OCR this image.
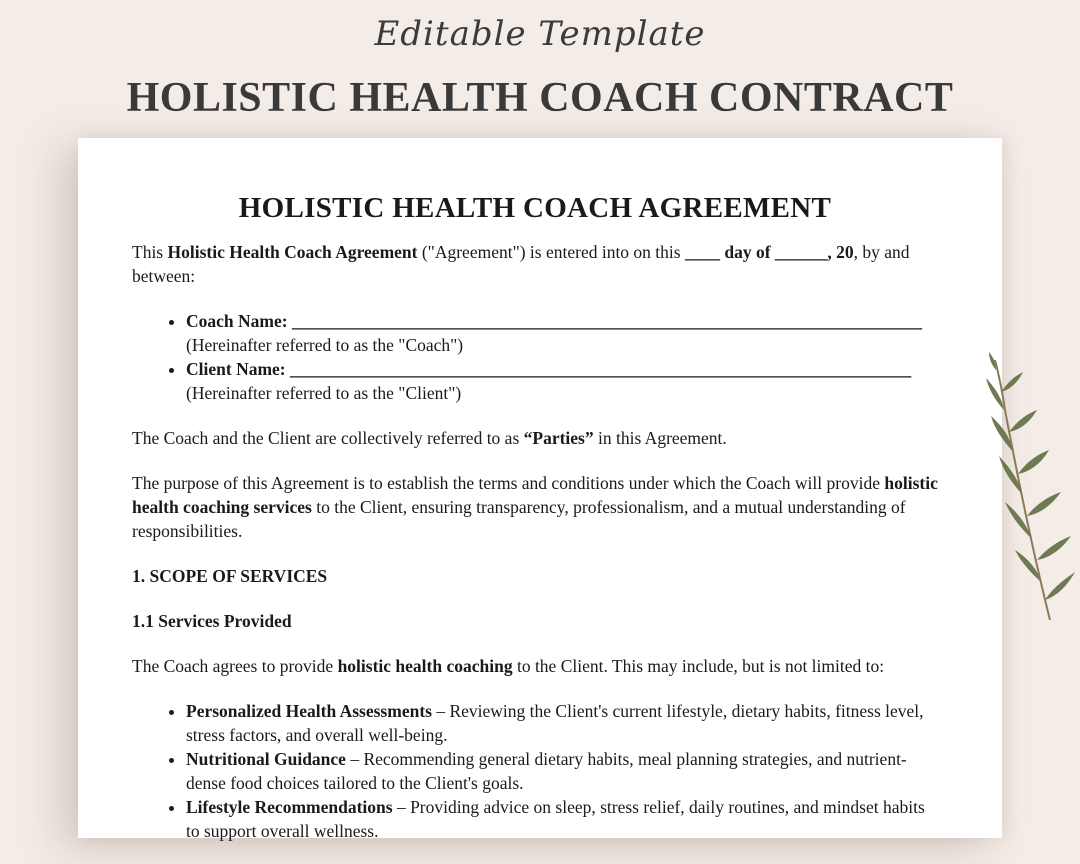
Editable Template
HOLISTIC HEALTH COACH CONTRACT
HOLISTIC HEALTH COACH AGREEMENT

This Holistic Health Coach Agreement ("Agreement") is entered into on this ____ day of ______, 20, by and between:

• Coach Name: ________________________________________________________________________
(Hereinafter referred to as the "Coach")
• Client Name: _______________________________________________________________________
(Hereinafter referred to as the "Client")

The Coach and the Client are collectively referred to as “Parties” in this Agreement.

The purpose of this Agreement is to establish the terms and conditions under which the Coach will provide holistic health coaching services to the Client, ensuring transparency, professionalism, and a mutual understanding of responsibilities.

1. SCOPE OF SERVICES

1.1 Services Provided

The Coach agrees to provide holistic health coaching to the Client. This may include, but is not limited to:

• Personalized Health Assessments – Reviewing the Client's current lifestyle, dietary habits, fitness level, stress factors, and overall well-being.
• Nutritional Guidance – Recommending general dietary habits, meal planning strategies, and nutrient-dense food choices tailored to the Client's goals.
• Lifestyle Recommendations – Providing advice on sleep, stress relief, daily routines, and mindset habits to support overall wellness.
